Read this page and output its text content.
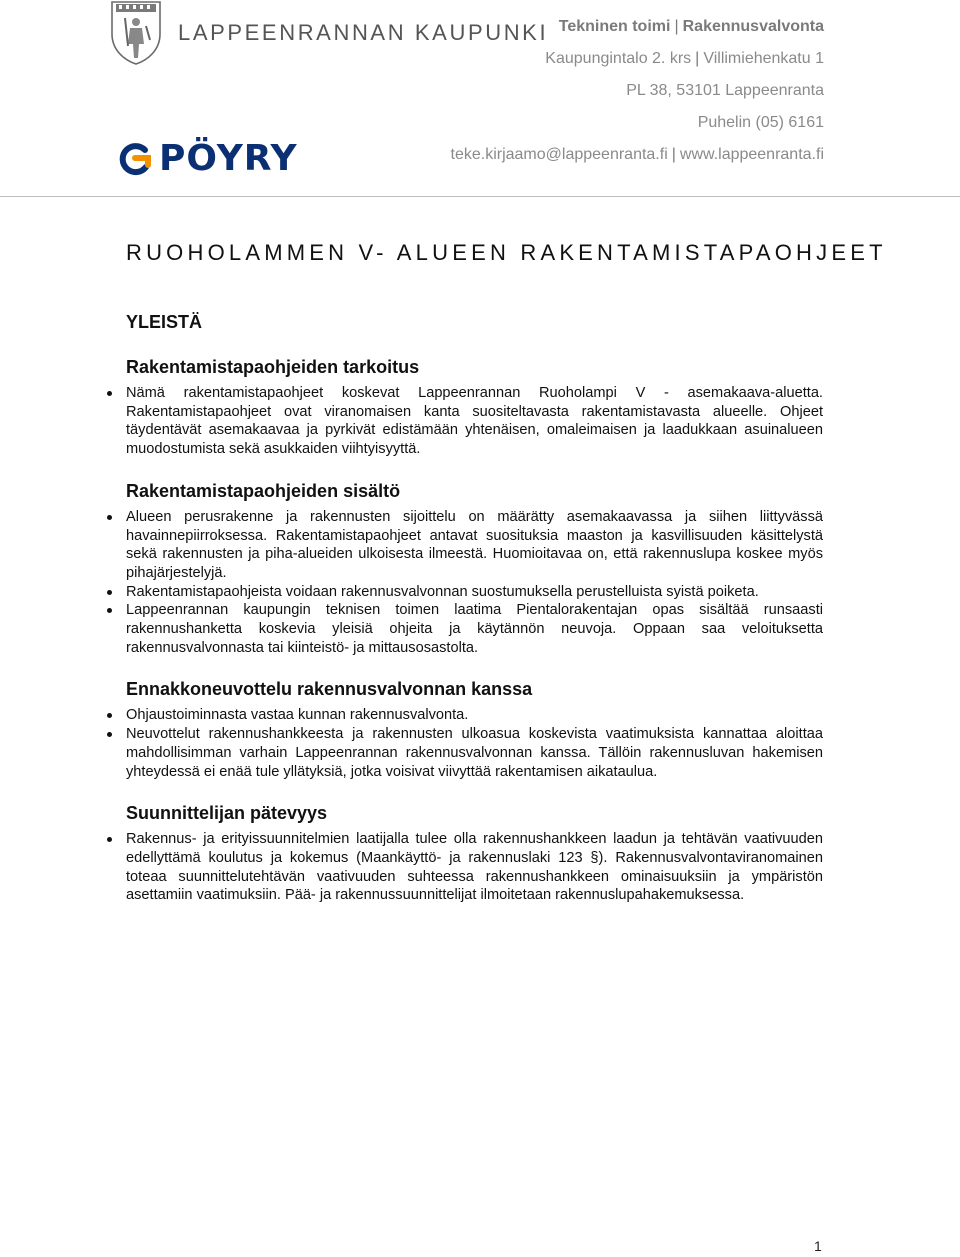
LAPPEENRANNAN KAUPUNKI
PÖYRY
Tekninen toimi | Rakennusvalvonta
Kaupungintalo 2. krs | Villimiehenkatu 1
PL 38, 53101 Lappeenranta
Puhelin (05) 6161
teke.kirjaamo@lappeenranta.fi | www.lappeenranta.fi
RUOHOLAMMEN V- ALUEEN RAKENTAMISTAPAOHJEET
YLEISTÄ
Rakentamistapaohjeiden tarkoitus
Nämä rakentamistapaohjeet koskevat Lappeenrannan Ruoholampi V - asemakaava-aluetta. Rakentamistapaohjeet ovat viranomaisen kanta suositeltavasta rakentamistavasta alueelle. Ohjeet täydentävät asemakaavaa ja pyrkivät edistämään yhtenäisen, omaleimaisen ja laadukkaan asuinalueen muodostumista sekä asukkaiden viihtyisyyttä.
Rakentamistapaohjeiden sisältö
Alueen perusrakenne ja rakennusten sijoittelu on määrätty asemakaavassa ja siihen liittyvässä havainnepiirroksessa. Rakentamistapaohjeet antavat suosituksia maaston ja kasvillisuuden käsittelystä sekä rakennusten ja piha-alueiden ulkoisesta ilmeestä. Huomioitavaa on, että rakennuslupa koskee myös pihajärjestelyjä.
Rakentamistapaohjeista voidaan rakennusvalvonnan suostumuksella perustelluista syistä poiketa.
Lappeenrannan kaupungin teknisen toimen laatima Pientalorakentajan opas sisältää runsaasti rakennushanketta koskevia yleisiä ohjeita ja käytännön neuvoja. Oppaan saa veloituksetta rakennusvalvonnasta tai kiinteistö- ja mittausosastolta.
Ennakkoneuvottelu rakennusvalvonnan kanssa
Ohjaustoiminnasta vastaa kunnan rakennusvalvonta.
Neuvottelut rakennushankkeesta ja rakennusten ulkoasua koskevista vaatimuksista kannattaa aloittaa mahdollisimman varhain Lappeenrannan rakennusvalvonnan kanssa. Tällöin rakennusluvan hakemisen yhteydessä ei enää tule yllätyksiä, jotka voisivat viivyttää rakentamisen aikataulua.
Suunnittelijan pätevyys
Rakennus- ja erityissuunnitelmien laatijalla tulee olla rakennushankkeen laadun ja tehtävän vaativuuden edellyttämä koulutus ja kokemus (Maankäyttö- ja rakennuslaki 123 §). Rakennusvalvontaviranomainen toteaa suunnittelutehtävän vaativuuden suhteessa rakennushankkeen ominaisuuksiin ja ympäristön asettamiin vaatimuksiin. Pää- ja rakennussuunnittelijat ilmoitetaan rakennuslupahakemuksessa.
1
